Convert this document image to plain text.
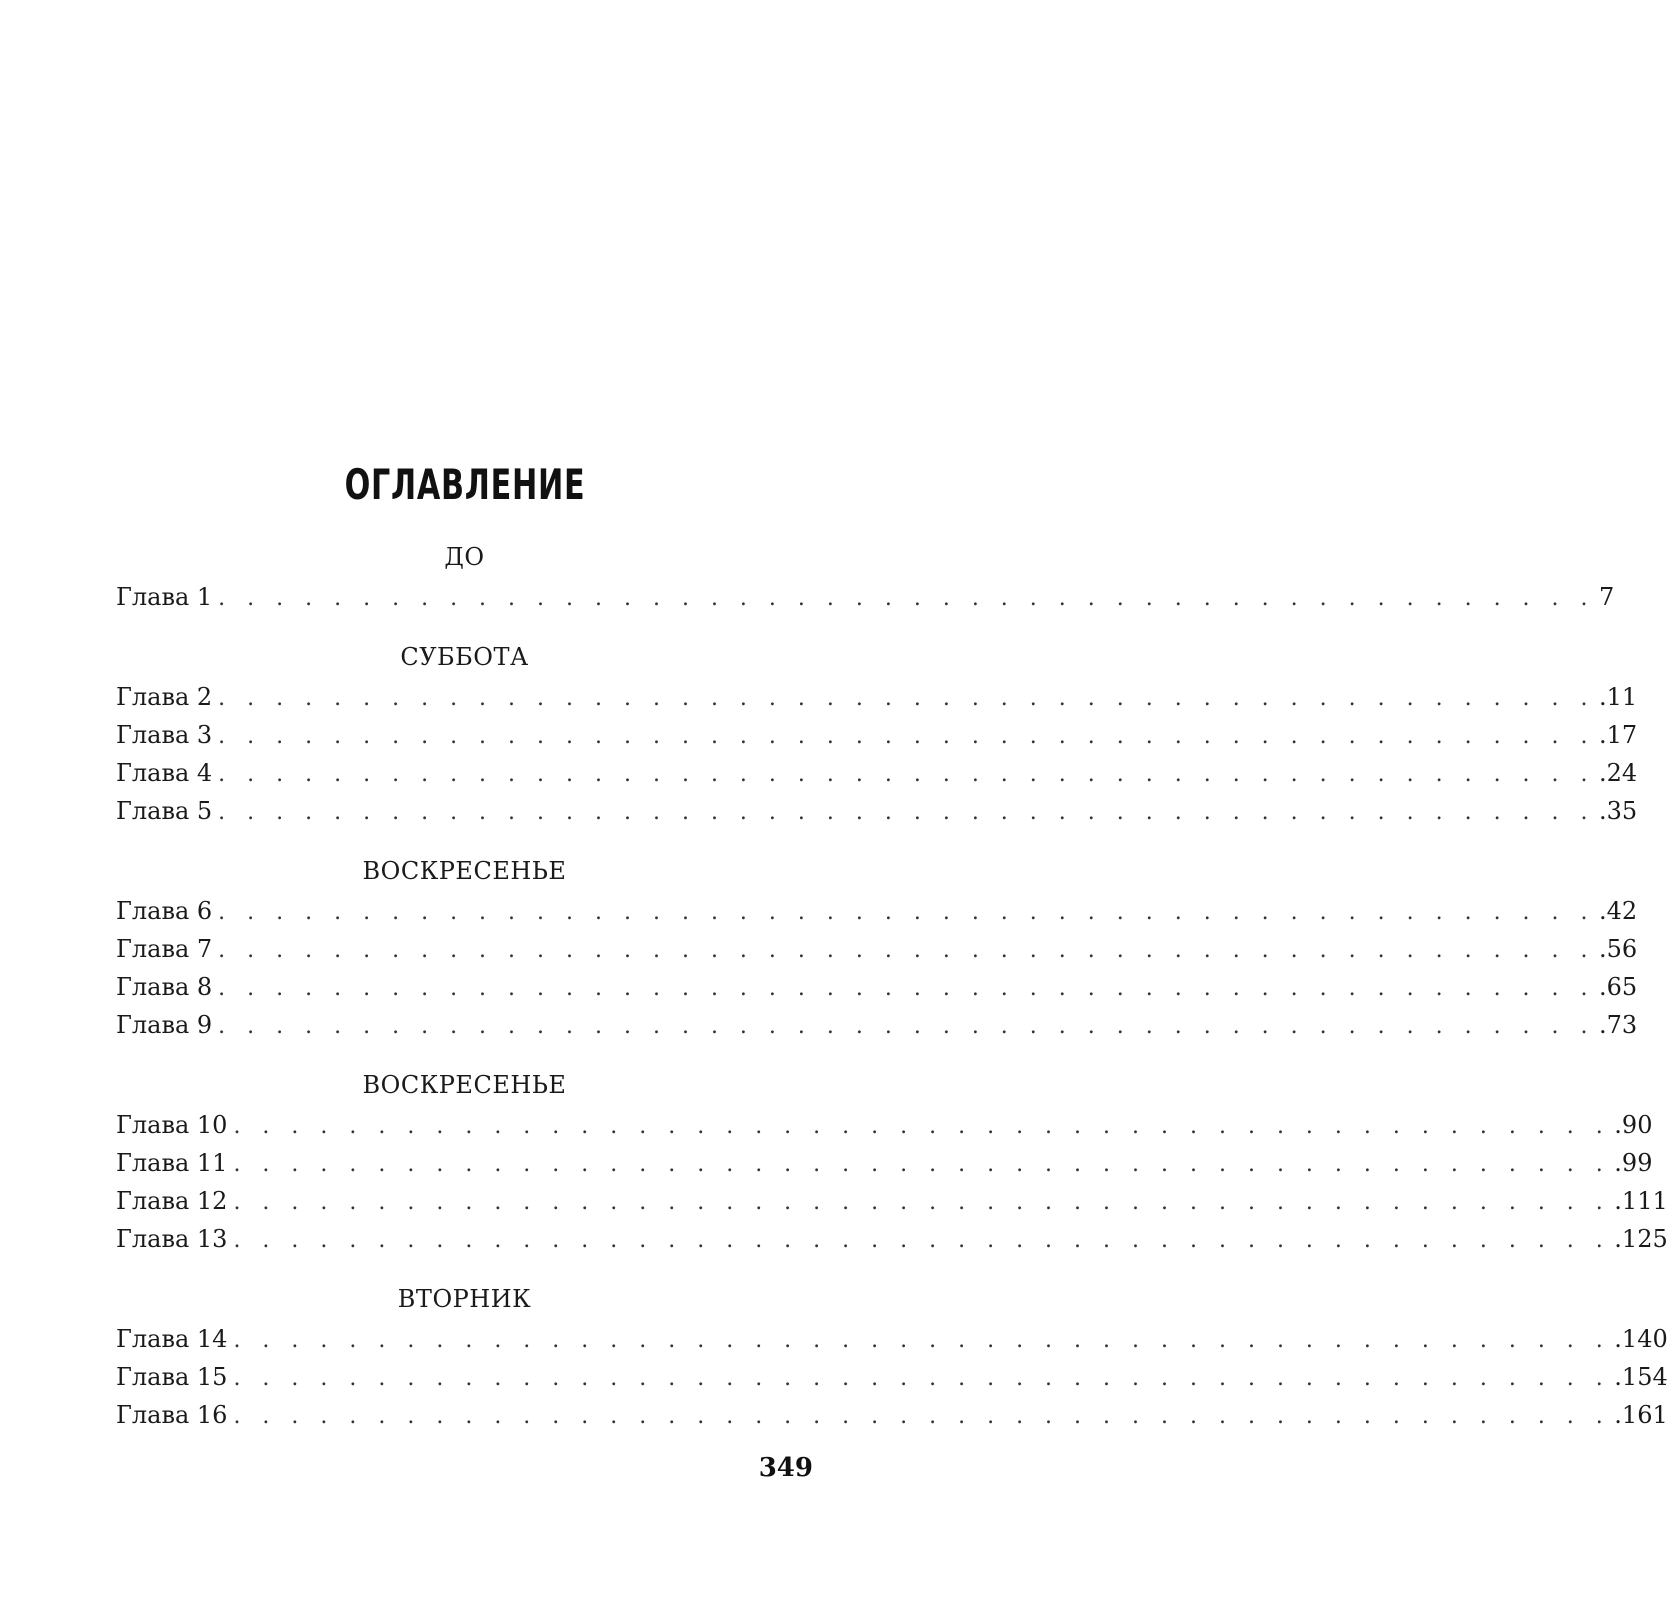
ОГЛАВЛЕНИЕ
ДО
Глава 1 . . . . . . . . . . . . . . . . . . . . . . . . . . . . . . . . . . . . . . . . . . . . . . . . 7
СУББОТА
Глава 2 . . . . . . . . . . . . . . . . . . . . . . . . . . . . . . . . . . . . . . . . . . . . . . . . .11
Глава 3 . . . . . . . . . . . . . . . . . . . . . . . . . . . . . . . . . . . . . . . . . . . . . . . . .17
Глава 4 . . . . . . . . . . . . . . . . . . . . . . . . . . . . . . . . . . . . . . . . . . . . . . . . .24
Глава 5 . . . . . . . . . . . . . . . . . . . . . . . . . . . . . . . . . . . . . . . . . . . . . . . . .35
ВОСКРЕСЕНЬЕ
Глава 6 . . . . . . . . . . . . . . . . . . . . . . . . . . . . . . . . . . . . . . . . . . . . . . . . .42
Глава 7 . . . . . . . . . . . . . . . . . . . . . . . . . . . . . . . . . . . . . . . . . . . . . . . . .56
Глава 8 . . . . . . . . . . . . . . . . . . . . . . . . . . . . . . . . . . . . . . . . . . . . . . . . .65
Глава 9 . . . . . . . . . . . . . . . . . . . . . . . . . . . . . . . . . . . . . . . . . . . . . . . . .73
ВОСКРЕСЕНЬЕ
Глава 10 . . . . . . . . . . . . . . . . . . . . . . . . . . . . . . . . . . . . . . . . . . . . . . . . .90
Глава 11 . . . . . . . . . . . . . . . . . . . . . . . . . . . . . . . . . . . . . . . . . . . . . . . . .99
Глава 12 . . . . . . . . . . . . . . . . . . . . . . . . . . . . . . . . . . . . . . . . . . . . . . . . .111
Глава 13 . . . . . . . . . . . . . . . . . . . . . . . . . . . . . . . . . . . . . . . . . . . . . . . . .125
ВТОРНИК
Глава 14 . . . . . . . . . . . . . . . . . . . . . . . . . . . . . . . . . . . . . . . . . . . . . . . . .140
Глава 15 . . . . . . . . . . . . . . . . . . . . . . . . . . . . . . . . . . . . . . . . . . . . . . . . .154
Глава 16 . . . . . . . . . . . . . . . . . . . . . . . . . . . . . . . . . . . . . . . . . . . . . . . . .161
349
